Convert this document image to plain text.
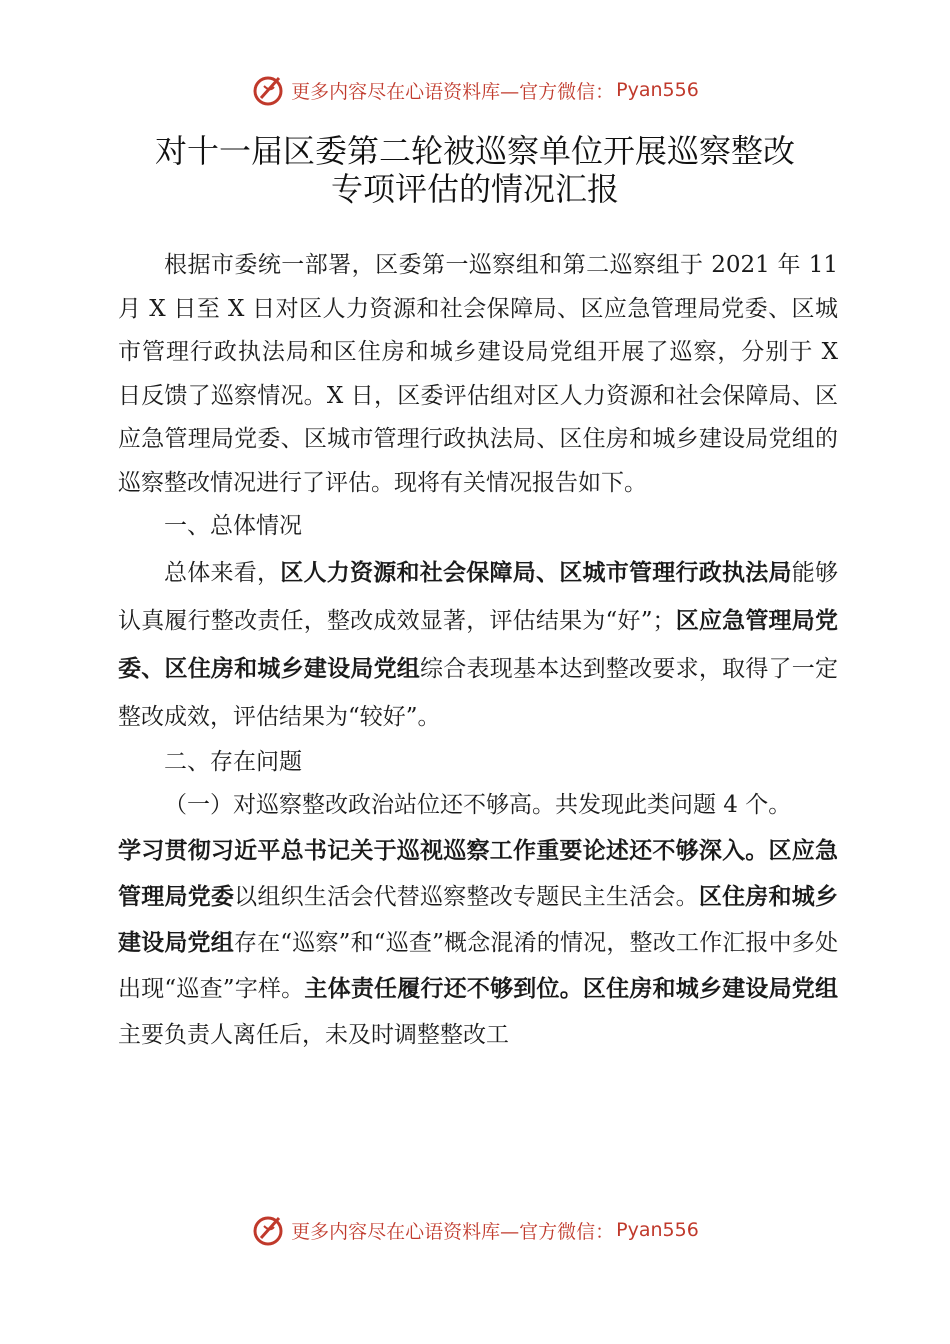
更多内容尽在心语资料库—官方微信： Pyan556
对十一届区委第二轮被巡察单位开展巡察整改
专项评估的情况汇报

根据市委统一部署，区委第一巡察组和第二巡察组于 2021 年 11 月 X 日至 X 日对区人力资源和社会保障局、区应急管理局党委、区城市管理行政执法局和区住房和城乡建设局党组开展了巡察，分别于 X 日反馈了巡察情况。X 日，区委评估组对区人力资源和社会保障局、区应急管理局党委、区城市管理行政执法局、区住房和城乡建设局党组的巡察整改情况进行了评估。现将有关情况报告如下。

一、总体情况

总体来看，区人力资源和社会保障局、区城市管理行政执法局能够认真履行整改责任，整改成效显著，评估结果为“好”；区应急管理局党委、区住房和城乡建设局党组综合表现基本达到整改要求，取得了一定整改成效，评估结果为“较好”。

二、存在问题

（一）对巡察整改政治站位还不够高。共发现此类问题 4 个。

学习贯彻习近平总书记关于巡视巡察工作重要论述还不够深入。区应急管理局党委以组织生活会代替巡察整改专题民主生活会。区住房和城乡建设局党组存在“巡察”和“巡查”概念混淆的情况，整改工作汇报中多处出现“巡查”字样。主体责任履行还不够到位。区住房和城乡建设局党组主要负责人离任后，未及时调整整改工

更多内容尽在心语资料库—官方微信： Pyan556
